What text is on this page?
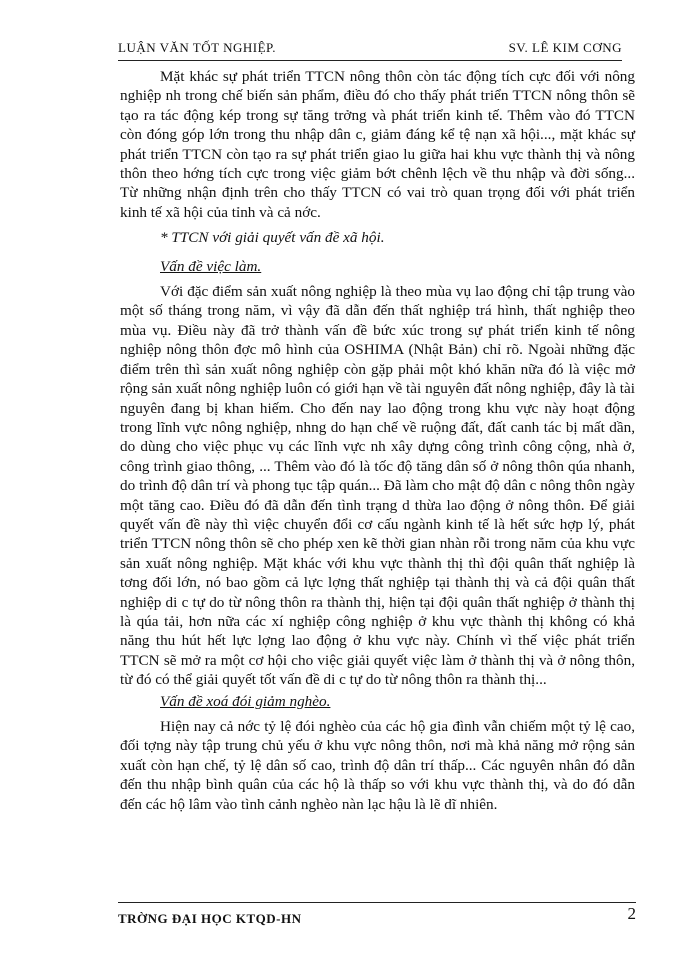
LUẬN VĂN TỐT NGHIỆP.	SV. LÊ KIM CƠNG

Mặt khác sự phát triển TTCN nông thôn còn tác động tích cực đối với nông nghiệp nh trong chế biến sản phẩm, điều đó cho thấy phát triển TTCN nông thôn sẽ tạo ra tác động kép trong sự tăng trởng và phát triển kinh tế. Thêm vào đó TTCN còn đóng góp lớn trong thu nhập dân c, giảm đáng kể tệ nạn xã hội..., mặt khác sự phát triển TTCN còn tạo ra sự phát triển giao lu giữa hai khu vực thành thị và nông thôn theo hớng tích cực trong việc giảm bớt chênh lệch về thu nhập và đời sống... Từ những nhận định trên cho thấy TTCN có vai trò quan trọng đối với phát triển kinh tế xã hội của tỉnh và cả nớc.

* TTCN với giải quyết vấn đề xã hội.
Vấn đề việc làm.

Với đặc điểm sản xuất nông nghiệp là theo mùa vụ lao động chỉ tập trung vào một số tháng trong năm, vì vậy đã dẫn đến thất nghiệp trá hình, thất nghiệp theo mùa vụ. Điều này đã trở thành vấn đề bức xúc trong sự phát triển kinh tế nông nghiệp nông thôn đợc mô hình của OSHIMA (Nhật Bản) chỉ rõ. Ngoài những đặc điểm trên thì sản xuất nông nghiệp còn gặp phải một khó khăn nữa đó là việc mở rộng sản xuất nông nghiệp luôn có giới hạn về tài nguyên đất nông nghiệp, đây là tài nguyên đang bị khan hiếm. Cho đến nay lao động trong khu vực này hoạt động trong lĩnh vực nông nghiệp, nhng do hạn chế về ruộng đất, đất canh tác bị mất dần, do dùng cho việc phục vụ các lĩnh vực nh xây dựng công trình công cộng, nhà ở, công trình giao thông, ... Thêm vào đó là tốc độ tăng dân số ở nông thôn qúa nhanh, do trình độ dân trí và phong tục tập quán... Đã làm cho mật độ dân c nông thôn ngày một tăng cao. Điều đó đã dẫn đến tình trạng d thừa lao động ở nông thôn. Để giải quyết vấn đề này thì việc chuyển đổi cơ cấu ngành kinh tế là hết sức hợp lý, phát triển TTCN nông thôn sẽ cho phép xen kẽ thời gian nhàn rỗi trong năm của khu vực sản xuất nông nghiệp. Mặt khác với khu vực thành thị thì đội quân thất nghiệp là tơng đối lớn, nó bao gồm cả lực lợng thất nghiệp tại thành thị và cả đội quân thất nghiệp di c tự do từ nông thôn ra thành thị, hiện tại đội quân thất nghiệp ở thành thị là qúa tải, hơn nữa các xí nghiệp công nghiệp ở khu vực thành thị không có khả năng thu hút hết lực lợng lao động ở khu vực này. Chính vì thế việc phát triển TTCN sẽ mở ra một cơ hội cho việc giải quyết việc làm ở thành thị và ở nông thôn, từ đó có thể giải quyết tốt vấn đề di c tự do từ nông thôn ra thành thị...

Vấn đề xoá đói giảm nghèo.

Hiện nay cả nớc tỷ lệ đói nghèo của các hộ gia đình vẫn chiếm một tỷ lệ cao, đối tợng này tập trung chủ yếu ở khu vực nông thôn, nơi mà khả năng mở rộng sản xuất còn hạn chế, tỷ lệ dân số cao, trình độ dân trí thấp... Các nguyên nhân đó dẫn đến thu nhập bình quân của các hộ là thấp so với khu vực thành thị, và do đó dẫn đến các hộ lâm vào tình cảnh nghèo nàn lạc hậu là lẽ dĩ nhiên.

TRỜNG ĐẠI HỌC KTQD-HN	2
